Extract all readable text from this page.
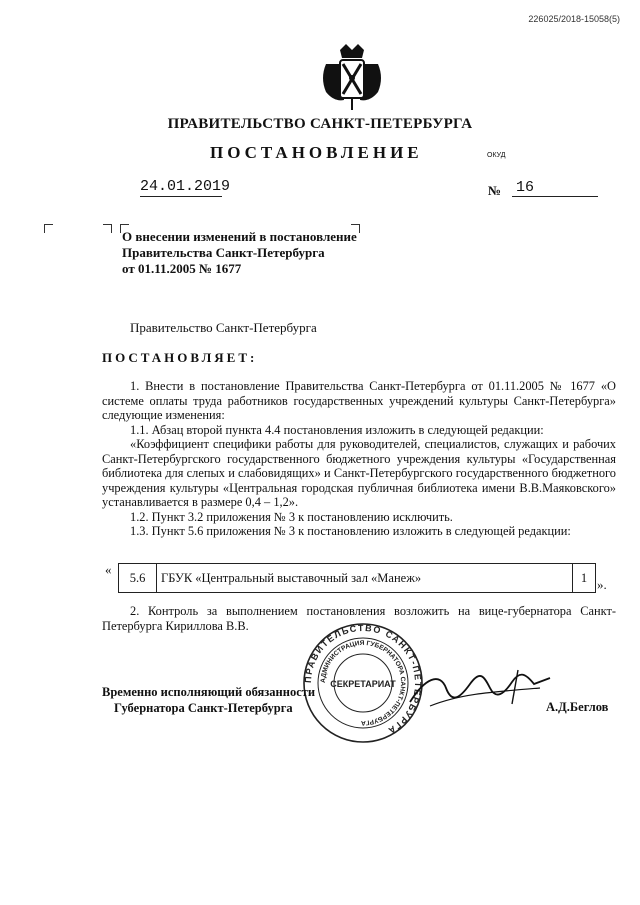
226025/2018-15058(5)
ПРАВИТЕЛЬСТВО САНКТ-ПЕТЕРБУРГА
ПОСТАНОВЛЕНИЕ	ОКУД
24.01.2019	№ 16
О внесении изменений в постановление
Правительства Санкт-Петербурга
от 01.11.2005 № 1677
Правительство Санкт-Петербурга
ПОСТАНОВЛЯЕТ:

1. Внести в постановление Правительства Санкт-Петербурга от 01.11.2005 № 1677 «О системе оплаты труда работников государственных учреждений культуры Санкт-Петербурга» следующие изменения:

1.1. Абзац второй пункта 4.4 постановления изложить в следующей редакции:

«Коэффициент специфики работы для руководителей, специалистов, служащих и рабочих Санкт-Петербургского государственного бюджетного учреждения культуры «Государственная библиотека для слепых и слабовидящих» и Санкт-Петербургского государственного бюджетного учреждения культуры «Центральная городская публичная библиотека имени В.В.Маяковского» устанавливается в размере 0,4 – 1,2».

1.2. Пункт 3.2 приложения № 3 к постановлению исключить.

1.3. Пункт 5.6 приложения № 3 к постановлению изложить в следующей редакции:

«
5.6	ГБУК «Центральный выставочный зал «Манеж»	1 ».

2. Контроль за выполнением постановления возложить на вице-губернатора Санкт-Петербурга Кириллова В.В.

ПРАВИТЕЛЬСТВО САНКТ-ПЕТЕРБУРГА
АДМИНИСТРАЦИЯ ГУБЕРНАТОРА САНКТ-ПЕТЕРБУРГА
СЕКРЕТАРИАТ
Временно исполняющий обязанности
Губернатора Санкт-Петербурга	А.Д.Беглов
